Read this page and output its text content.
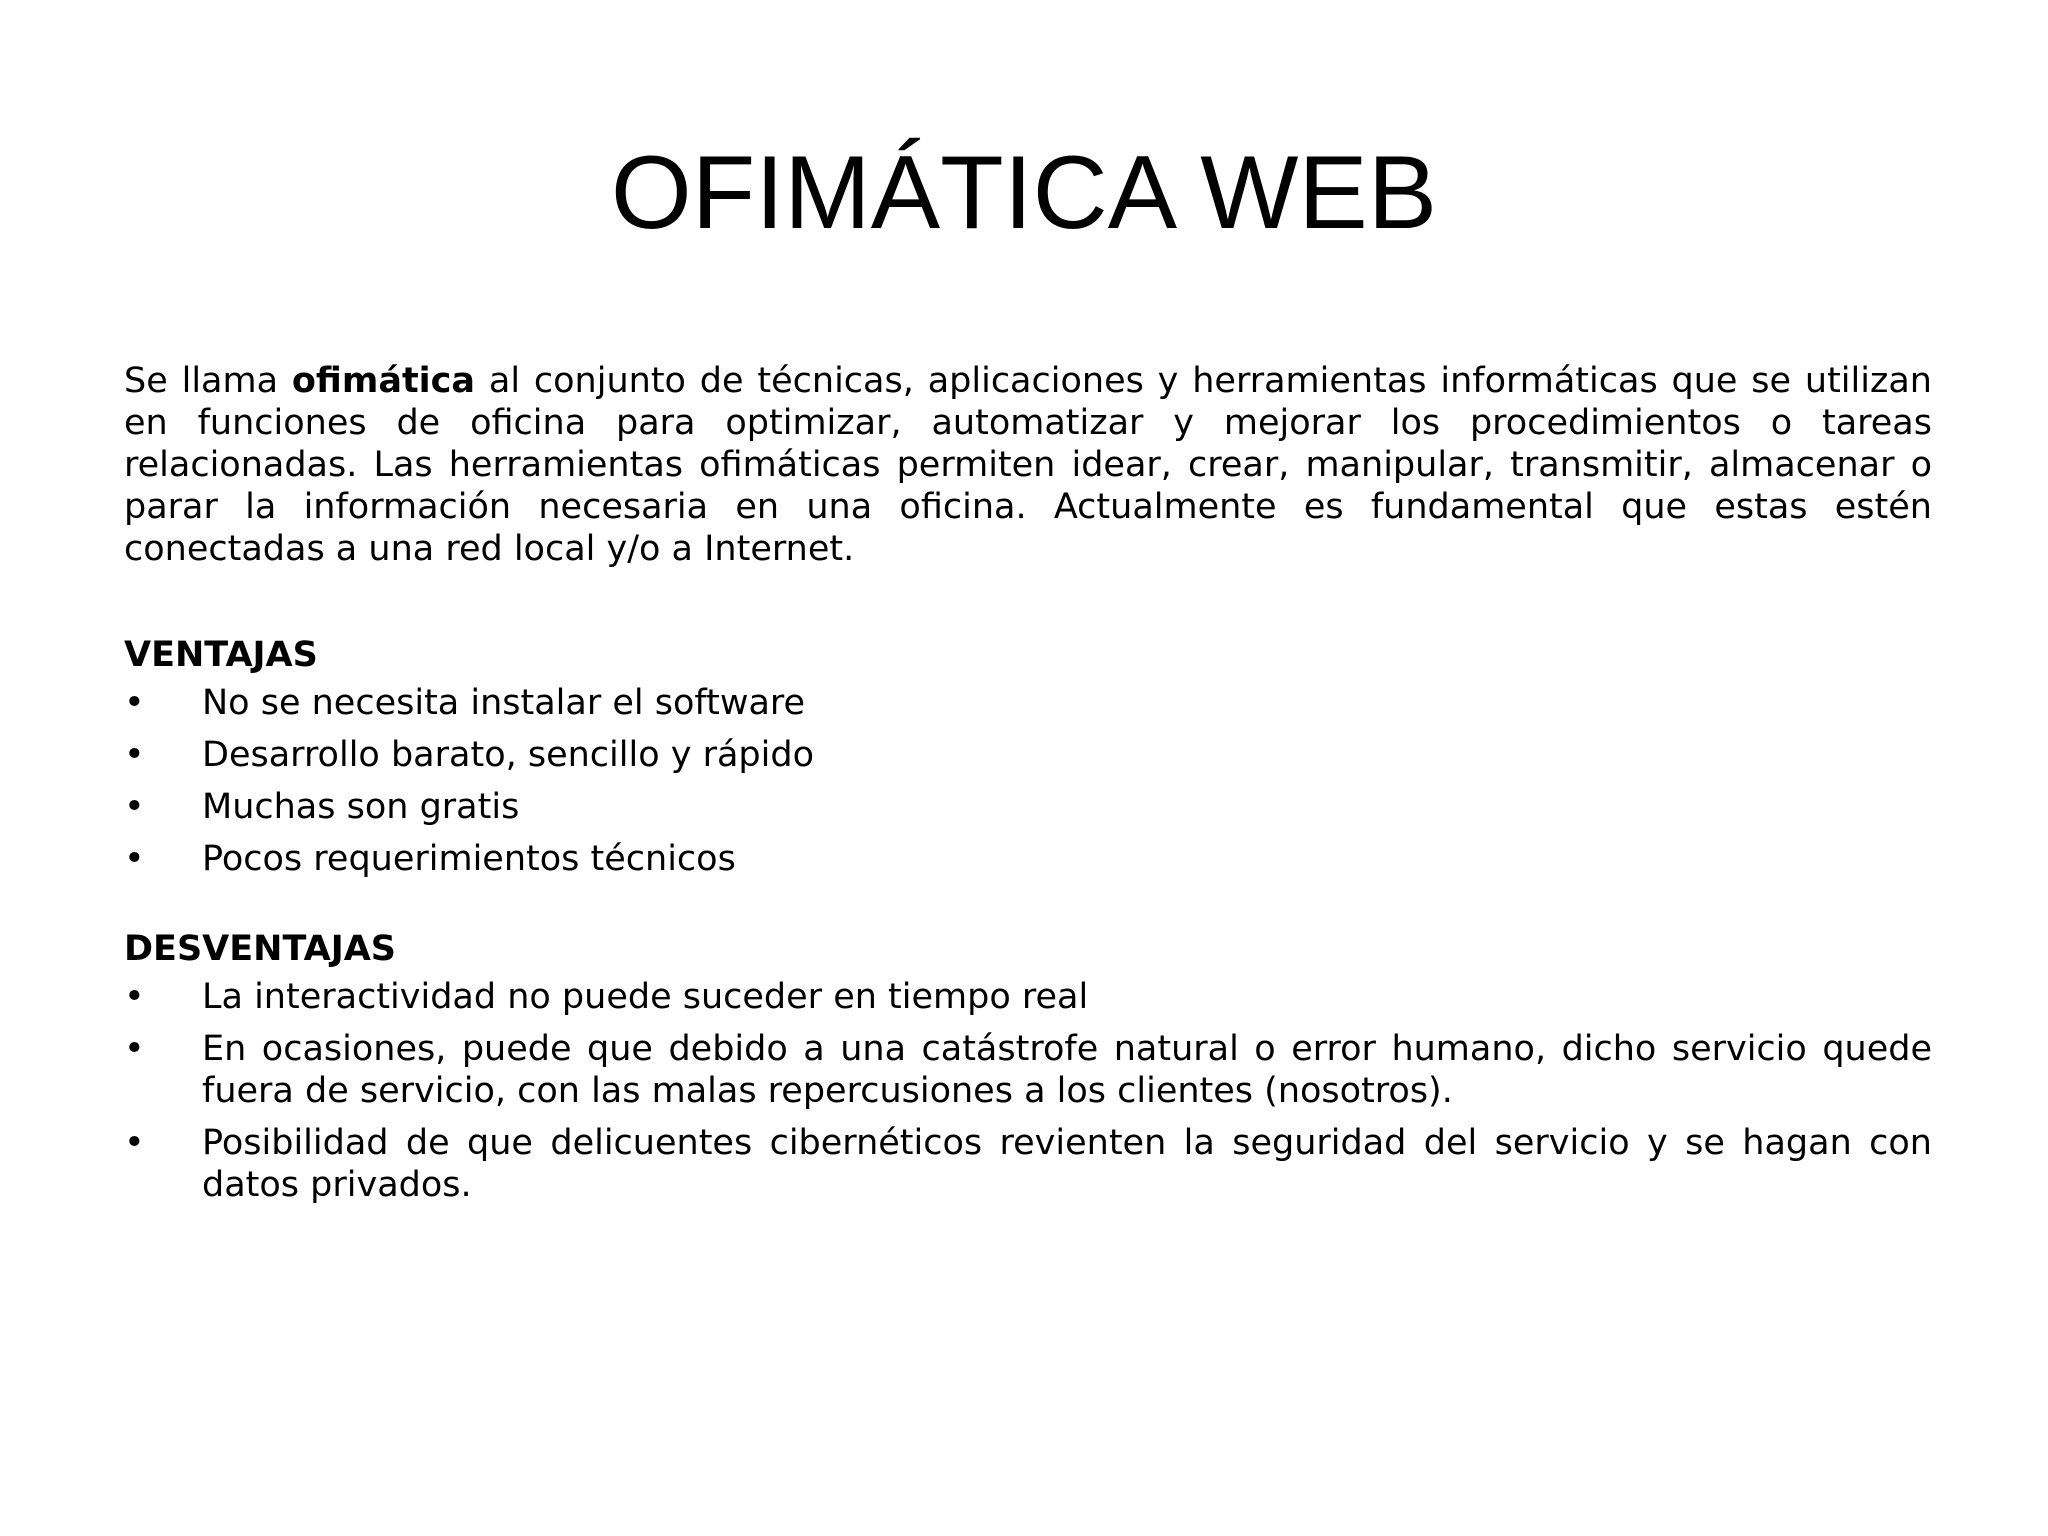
OFIMÁTICA WEB

Se llama ofimática al conjunto de técnicas, aplicaciones y herramientas informáticas que se utilizan en funciones de oficina para optimizar, automatizar y mejorar los procedimientos o tareas relacionadas. Las herramientas ofimáticas permiten idear, crear, manipular, transmitir, almacenar o parar la información necesaria en una oficina. Actualmente es fundamental que estas estén conectadas a una red local y/o a Internet.

VENTAJAS
• No se necesita instalar el software
• Desarrollo barato, sencillo y rápido
• Muchas son gratis
• Pocos requerimientos técnicos
DESVENTAJAS
• La interactividad no puede suceder en tiempo real
• En ocasiones, puede que debido a una catástrofe natural o error humano, dicho servicio quede fuera de servicio, con las malas repercusiones a los clientes (nosotros).
• Posibilidad de que delicuentes cibernéticos revienten la seguridad del servicio y se hagan con datos privados.
